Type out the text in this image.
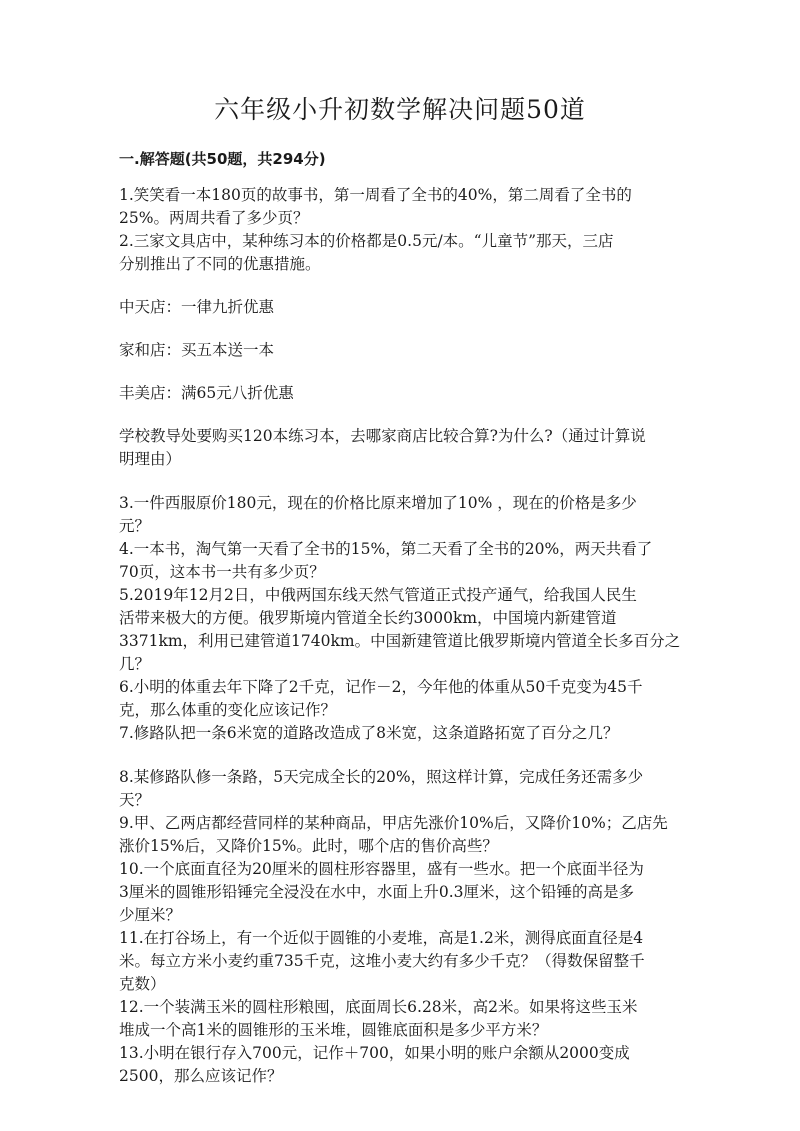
六年级小升初数学解决问题50道
一.解答题(共50题，共294分)
1.笑笑看一本180页的故事书，第一周看了全书的40%，第二周看了全书的
25%。两周共看了多少页？
2.三家文具店中，某种练习本的价格都是0.5元/本。“儿童节”那天，三店
分别推出了不同的优惠措施。
中天店：一律九折优惠
家和店：买五本送一本
丰美店：满65元八折优惠
学校教导处要购买120本练习本，去哪家商店比较合算?为什么?（通过计算说
明理由）
3.一件西服原价180元，现在的价格比原来增加了10% ，现在的价格是多少
元？
4.一本书，淘气第一天看了全书的15%，第二天看了全书的20%，两天共看了
70页，这本书一共有多少页？
5.2019年12月2日，中俄两国东线天然气管道正式投产通气，给我国人民生
活带来极大的方便。俄罗斯境内管道全长约3000km，中国境内新建管道
3371km，利用已建管道1740km。中国新建管道比俄罗斯境内管道全长多百分之
几？
6.小明的体重去年下降了2千克，记作－2，今年他的体重从50千克变为45千
克，那么体重的变化应该记作？
7.修路队把一条6米宽的道路改造成了8米宽，这条道路拓宽了百分之几？
8.某修路队修一条路，5天完成全长的20%，照这样计算，完成任务还需多少
天？
9.甲、乙两店都经营同样的某种商品，甲店先涨价10%后，又降价10%；乙店先
涨价15%后，又降价15%。此时，哪个店的售价高些？
10.一个底面直径为20厘米的圆柱形容器里，盛有一些水。把一个底面半径为
3厘米的圆锥形铅锤完全浸没在水中，水面上升0.3厘米，这个铅锤的高是多
少厘米？
11.在打谷场上，有一个近似于圆锥的小麦堆，高是1.2米，测得底面直径是4
米。每立方米小麦约重735千克，这堆小麦大约有多少千克？（得数保留整千
克数）
12.一个装满玉米的圆柱形粮囤，底面周长6.28米，高2米。如果将这些玉米
堆成一个高1米的圆锥形的玉米堆，圆锥底面积是多少平方米？
13.小明在银行存入700元，记作＋700，如果小明的账户余额从2000变成
2500，那么应该记作？
